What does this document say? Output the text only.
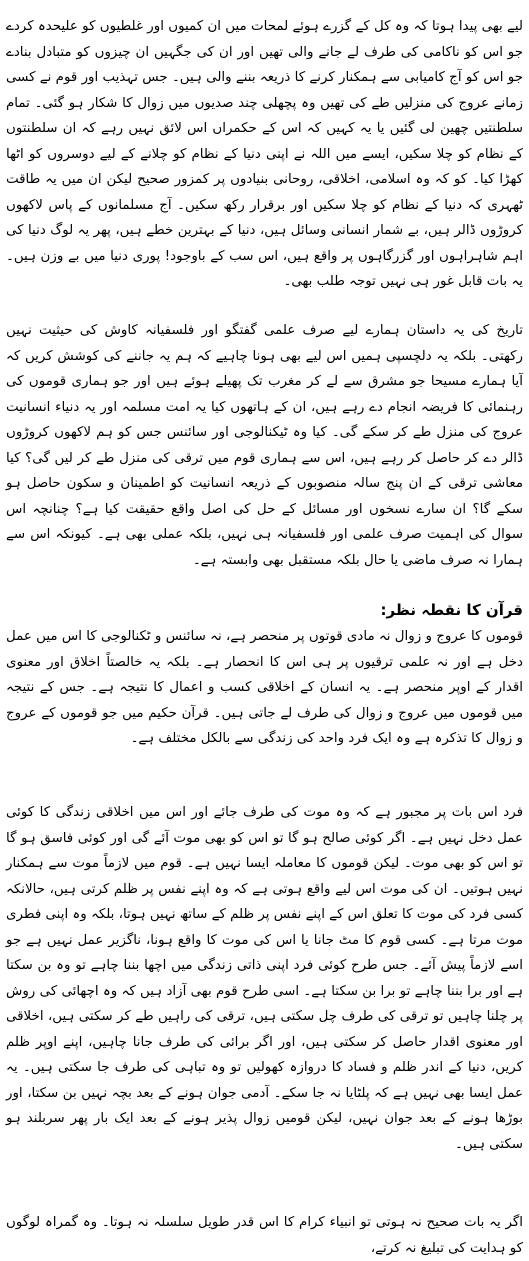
لیے بھی پیدا ہوتا کہ وہ کل کے گزرے ہوئے لمحات میں ان کمیوں اور غلطیوں کو علیحدہ کردے جو اس کو ناکامی کی طرف لے جانے والی تھیں اور ان کی جگہیں ان چیزوں کو متبادل بنادے جو اس کو آج کامیابی سے ہمکنار کرنے کا ذریعہ بننے والی ہیں۔ جس تہذیب اور قوم نے کسی زمانے عروج کی منزلیں طے کی تھیں وہ پچھلی چند صدیوں میں زوال کا شکار ہو گئی۔ تمام سلطنتیں چھین لی گئیں یا یہ کہیں کہ اس کے حکمراں اس لائق نہیں رہے کہ ان سلطنتوں کے نظام کو چلا سکیں، ایسے میں اللہ نے اپنی دنیا کے نظام کو چلانے کے لیے دوسروں کو اٹھا کھڑا کیا۔ کو کہ وہ اسلامی، اخلاقی، روحانی بنیادوں پر کمزور صحیح لیکن ان میں یہ طاقت ٹھہری کہ دنیا کے نظام کو چلا سکیں اور برقرار رکھ سکیں۔ آج مسلمانوں کے پاس لاکھوں کروڑوں ڈالر ہیں، بے شمار انسانی وسائل ہیں، دنیا کے بہترین خطے ہیں، پھر یہ لوگ دنیا کی اہم شاہراہوں اور گزرگاہوں پر واقع ہیں، اس سب کے باوجود! پوری دنیا میں بے وزن ہیں۔ یہ بات قابل غور ہی نہیں توجہ طلب بھی۔

تاریخ کی یہ داستان ہمارے لیے صرف علمی گفتگو اور فلسفیانہ کاوش کی حیثیت نہیں رکھتی۔ بلکہ یہ دلچسپی ہمیں اس لیے بھی ہونا چاہیے کہ ہم یہ جاننے کی کوشش کریں کہ آیا ہمارے مسیحا جو مشرق سے لے کر مغرب تک پھیلے ہوئے ہیں اور جو ہماری قوموں کی رہنمائی کا فریضہ انجام دے رہے ہیں، ان کے ہاتھوں کیا یہ امت مسلمہ اور یہ دنیاء انسانیت عروج کی منزل طے کر سکے گی۔ کیا وہ ٹیکنالوجی اور سائنس جس کو ہم لاکھوں کروڑوں ڈالر دے کر حاصل کر رہے ہیں، اس سے ہماری قوم میں ترقی کی منزل طے کر لیں گی؟ کیا معاشی ترقی کے ان پنج سالہ منصوبوں کے ذریعہ انسانیت کو اطمینان و سکون حاصل ہو سکے گا؟ ان سارے نسخوں اور مسائل کے حل کی اصل واقع حقیقت کیا ہے؟ چنانچہ اس سوال کی اہمیت صرف علمی اور فلسفیانہ ہی نہیں، بلکہ عملی بھی ہے۔ کیونکہ اس سے ہمارا نہ صرف ماضی یا حال بلکہ مستقبل بھی وابستہ ہے۔

قرآن کا نقطہ نظر:

قوموں کا عروج و زوال نہ مادی قوتوں پر منحصر ہے، نہ سائنس و ٹکنالوجی کا اس میں عمل دخل ہے اور نہ علمی ترقیوں پر ہی اس کا انحصار ہے۔ بلکہ یہ خالصتاً اخلاق اور معنوی اقدار کے اوپر منحصر ہے۔ یہ انسان کے اخلاقی کسب و اعمال کا نتیجہ ہے۔ جس کے نتیجہ میں قوموں میں عروج و زوال کی طرف لے جاتی ہیں۔ قرآن حکیم میں جو قوموں کے عروج و زوال کا تذکرہ ہے وہ ایک فرد واحد کی زندگی سے بالکل مختلف ہے۔

فرد اس بات پر مجبور ہے کہ وہ موت کی طرف جائے اور اس میں اخلاقی زندگی کا کوئی عمل دخل نہیں ہے۔ اگر کوئی صالح ہو گا تو اس کو بھی موت آئے گی اور کوئی فاسق ہو گا تو اس کو بھی موت۔ لیکن قوموں کا معاملہ ایسا نہیں ہے۔ قوم میں لازماً موت سے ہمکنار نہیں ہوتیں۔ ان کی موت اس لیے واقع ہوتی ہے کہ وہ اپنے نفس پر ظلم کرتی ہیں، حالانکہ کسی فرد کی موت کا تعلق اس کے اپنے نفس پر ظلم کے ساتھ نہیں ہوتا، بلکہ وہ اپنی فطری موت مرتا ہے۔ کسی قوم کا مٹ جانا یا اس کی موت کا واقع ہونا، ناگزیر عمل نہیں ہے جو اسے لازماً پیش آئے۔ جس طرح کوئی فرد اپنی ذاتی زندگی میں اچھا بننا چاہے تو وہ بن سکتا ہے اور برا بننا چاہے تو برا بن سکتا ہے۔ اسی طرح قوم بھی آزاد ہیں کہ وہ اچھائی کی روش پر چلنا چاہیں تو ترقی کی طرف چل سکتی ہیں، ترقی کی راہیں طے کر سکتی ہیں، اخلاقی اور معنوی اقدار حاصل کر سکتی ہیں، اور اگر برائی کی طرف جانا چاہیں، اپنے اوپر ظلم کریں، دنیا کے اندر ظلم و فساد کا دروازہ کھولیں تو وہ تباہی کی طرف جا سکتی ہیں۔ یہ عمل ایسا بھی نہیں ہے کہ پلٹایا نہ جا سکے۔ آدمی جوان ہونے کے بعد بچہ نہیں بن سکتا، اور بوڑھا ہونے کے بعد جوان نہیں، لیکن قومیں زوال پذیر ہونے کے بعد ایک بار پھر سربلند ہو سکتی ہیں۔

اگر یہ بات صحیح نہ ہوتی تو انبیاء کرام کا اس قدر طویل سلسلہ نہ ہوتا۔ وہ گمراہ لوگوں کو ہدایت کی تبلیغ نہ کرتے،
